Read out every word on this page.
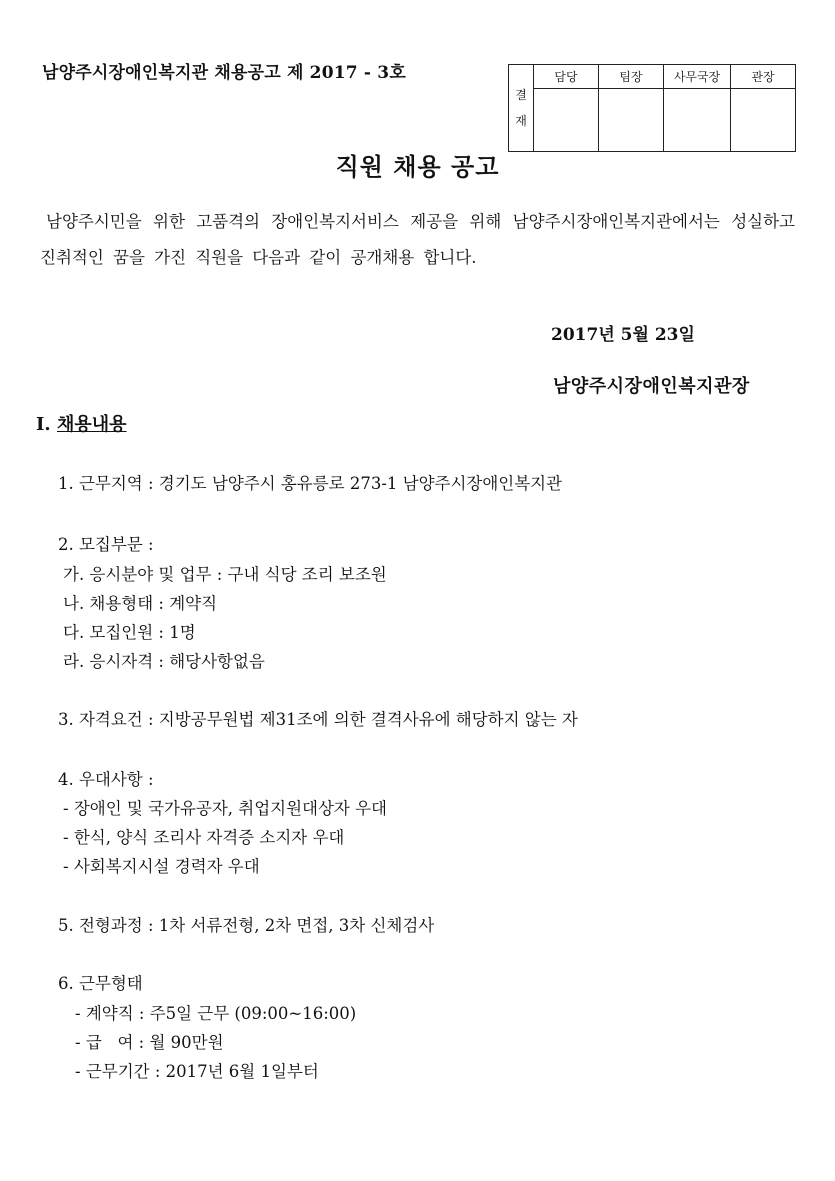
남양주시장애인복지관 채용공고 제 2017 - 3호
결
재	담당	팀장	사무국장	관장

직원 채용 공고
남양주시민을 위한 고품격의 장애인복지서비스 제공을 위해 남양주시장애인복지관에서는 성실하고 진취적인 꿈을 가진 직원을 다음과 같이 공개채용 합니다.
2017년 5월 23일
남양주시장애인복지관장
Ⅰ. 채용내용
1. 근무지역 : 경기도 남양주시 홍유릉로 273-1 남양주시장애인복지관
2. 모집부문 :
가. 응시분야 및 업무 : 구내 식당 조리 보조원
나. 채용형태 : 계약직
다. 모집인원 : 1명
라. 응시자격 : 해당사항없음
3. 자격요건 : 지방공무원법 제31조에 의한 결격사유에 해당하지 않는 자
4. 우대사항 :
- 장애인 및 국가유공자, 취업지원대상자 우대
- 한식, 양식 조리사 자격증 소지자 우대
- 사회복지시설 경력자 우대
5. 전형과정 : 1차 서류전형, 2차 면접, 3차 신체검사
6. 근무형태
- 계약직 : 주5일 근무 (09:00~16:00)
- 급   여 : 월 90만원
- 근무기간 : 2017년 6월 1일부터
